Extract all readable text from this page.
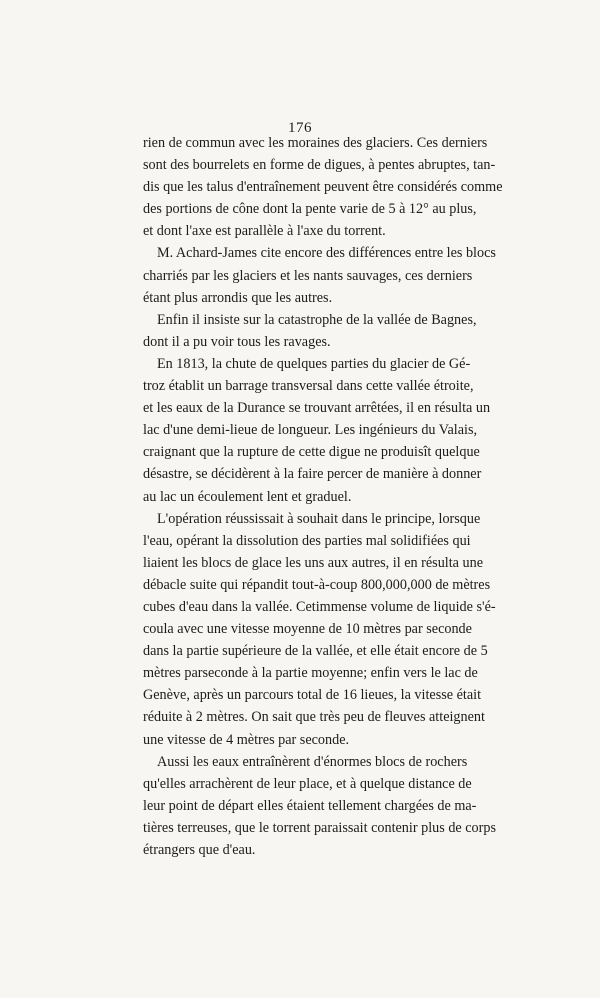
176

rien de commun avec les moraines des glaciers. Ces derniers
sont des bourrelets en forme de digues, à pentes abruptes, tan-
dis que les talus d'entraînement peuvent être considérés comme
des portions de cône dont la pente varie de 5 à 12° au plus,
et dont l'axe est parallèle à l'axe du torrent.

M. Achard-James cite encore des différences entre les blocs
charriés par les glaciers et les nants sauvages, ces derniers
étant plus arrondis que les autres.

Enfin il insiste sur la catastrophe de la vallée de Bagnes,
dont il a pu voir tous les ravages.

En 1813, la chute de quelques parties du glacier de Gé-
troz établit un barrage transversal dans cette vallée étroite,
et les eaux de la Durance se trouvant arrêtées, il en résulta un
lac d'une demi-lieue de longueur. Les ingénieurs du Valais,
craignant que la rupture de cette digue ne produisît quelque
désastre, se décidèrent à la faire percer de manière à donner
au lac un écoulement lent et graduel.

L'opération réussissait à souhait dans le principe, lorsque
l'eau, opérant la dissolution des parties mal solidifiées qui
liaient les blocs de glace les uns aux autres, il en résulta une
débacle suite qui répandit tout-à-coup 800,000,000 de mètres
cubes d'eau dans la vallée. Cetimmense volume de liquide s'é-
coula avec une vitesse moyenne de 10 mètres par seconde
dans la partie supérieure de la vallée, et elle était encore de 5
mètres parseconde à la partie moyenne; enfin vers le lac de
Genève, après un parcours total de 16 lieues, la vitesse était
réduite à 2 mètres. On sait que très peu de fleuves atteignent
une vitesse de 4 mètres par seconde.

Aussi les eaux entraînèrent d'énormes blocs de rochers
qu'elles arrachèrent de leur place, et à quelque distance de
leur point de départ elles étaient tellement chargées de ma-
tières terreuses, que le torrent paraissait contenir plus de corps
étrangers que d'eau.
